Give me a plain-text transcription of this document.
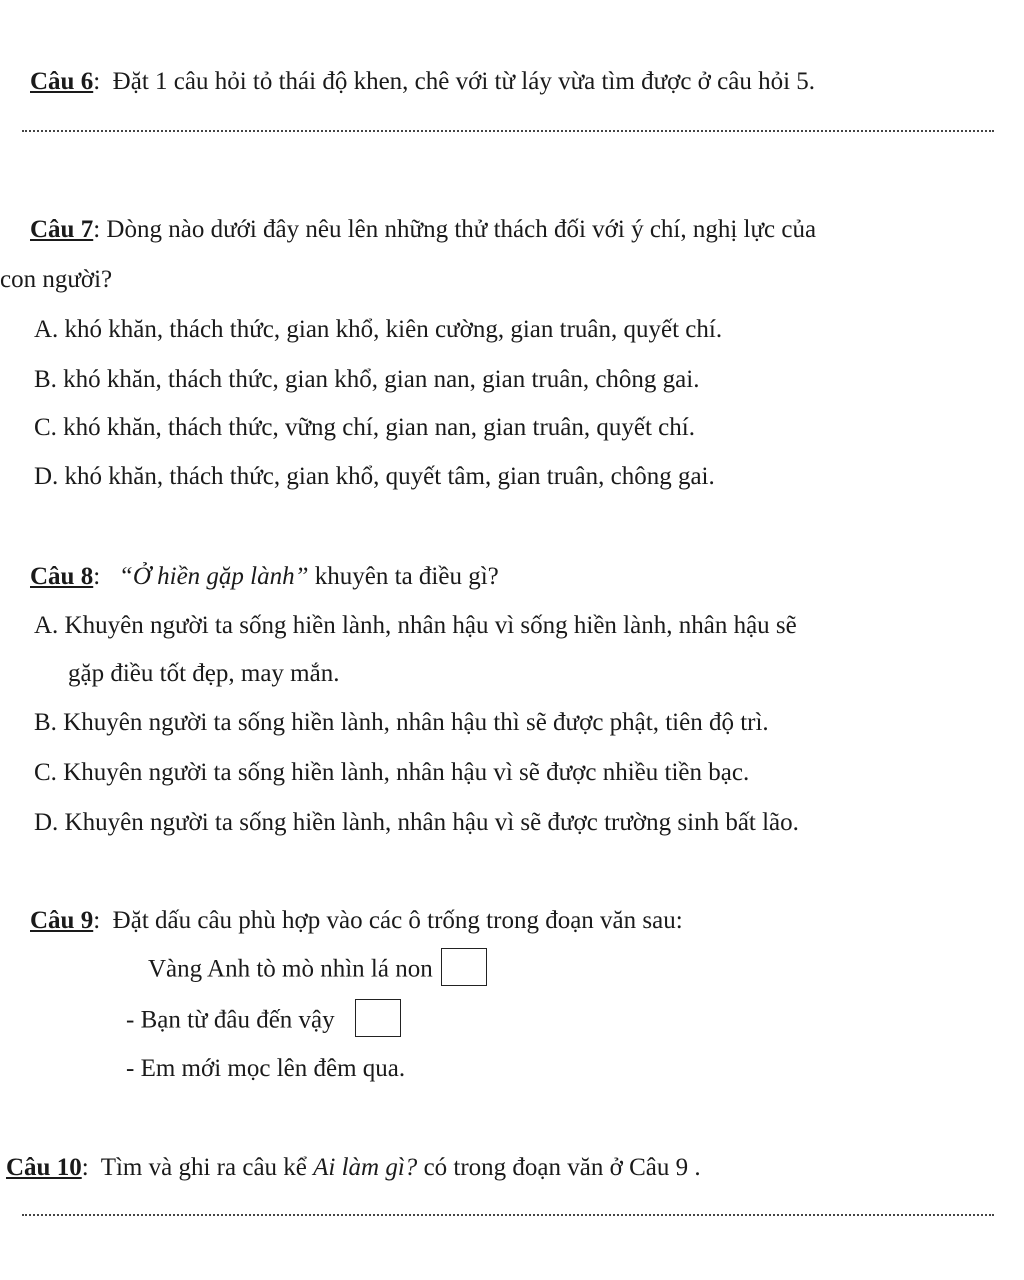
Câu 6:  Đặt 1 câu hỏi tỏ thái độ khen, chê với từ láy vừa tìm được ở câu hỏi 5.
Câu 7: Dòng nào dưới đây nêu lên những thử thách đối với ý chí, nghị lực của
con người?
A. khó khăn, thách thức, gian khổ, kiên cường, gian truân, quyết chí.
B. khó khăn, thách thức, gian khổ, gian nan, gian truân, chông gai.
C. khó khăn, thách thức, vững chí, gian nan, gian truân, quyết chí.
D. khó khăn, thách thức, gian khổ, quyết tâm, gian truân, chông gai.
Câu 8:   “Ở hiền gặp lành” khuyên ta điều gì?
A. Khuyên người ta sống hiền lành, nhân hậu vì sống hiền lành, nhân hậu sẽ
gặp điều tốt đẹp, may mắn.
B. Khuyên người ta sống hiền lành, nhân hậu thì sẽ được phật, tiên độ trì.
C. Khuyên người ta sống hiền lành, nhân hậu vì sẽ được nhiều tiền bạc.
D. Khuyên người ta sống hiền lành, nhân hậu vì sẽ được trường sinh bất lão.
Câu 9:  Đặt dấu câu phù hợp vào các ô trống trong đoạn văn sau:
Vàng Anh tò mò nhìn lá non
- Bạn từ đâu đến vậy
- Em mới mọc lên đêm qua.
Câu 10:  Tìm và ghi ra câu kể Ai làm gì? có trong đoạn văn ở Câu 9 .
